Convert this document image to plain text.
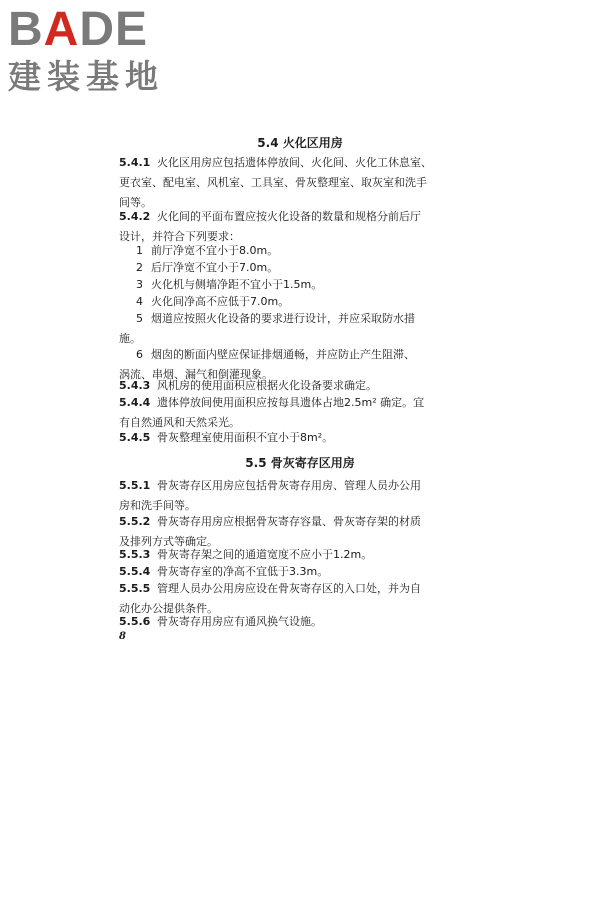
BADE
建装基地
5.4 火化区用房
5.4.1 火化区用房应包括遗体停放间、火化间、火化工休息室、
更衣室、配电室、风机室、工具室、骨灰整理室、取灰室和洗手
间等。
5.4.2 火化间的平面布置应按火化设备的数量和规格分前后厅
设计，并符合下列要求：
1 前厅净宽不宜小于8.0m。
2 后厅净宽不宜小于7.0m。
3 火化机与侧墙净距不宜小于1.5m。
4 火化间净高不应低于7.0m。
5 烟道应按照火化设备的要求进行设计，并应采取防水措
施。
6 烟囱的断面内壁应保证排烟通畅，并应防止产生阻滞、
涡流、串烟、漏气和倒灌现象。
5.4.3 风机房的使用面积应根据火化设备要求确定。
5.4.4 遗体停放间使用面积应按每具遗体占地2.5m² 确定。宜
有自然通风和天然采光。
5.4.5 骨灰整理室使用面积不宜小于8m²。
5.5 骨灰寄存区用房
5.5.1 骨灰寄存区用房应包括骨灰寄存用房、管理人员办公用
房和洗手间等。
5.5.2 骨灰寄存用房应根据骨灰寄存容量、骨灰寄存架的材质
及排列方式等确定。
5.5.3 骨灰寄存架之间的通道宽度不应小于1.2m。
5.5.4 骨灰寄存室的净高不宜低于3.3m。
5.5.5 管理人员办公用房应设在骨灰寄存区的入口处，并为自
动化办公提供条件。
5.5.6 骨灰寄存用房应有通风换气设施。
8
